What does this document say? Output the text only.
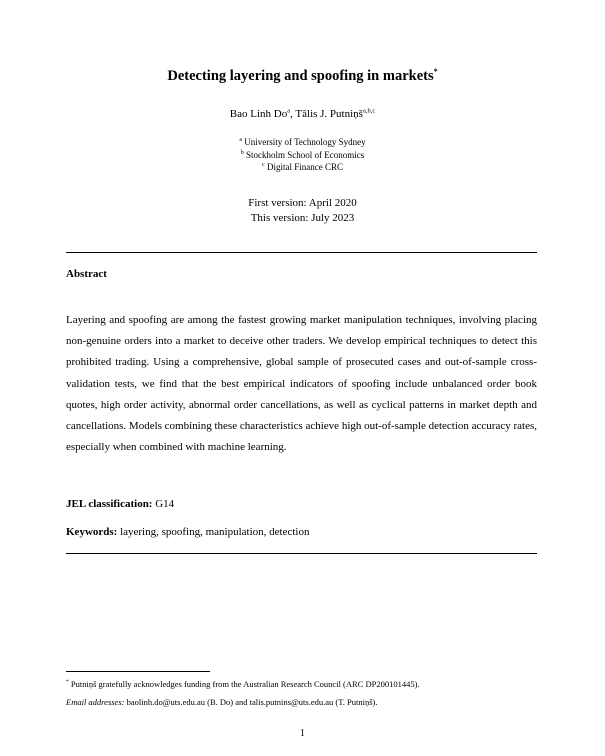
Detecting layering and spoofing in markets*
Bao Linh Do$^a$, Tālis J. Putniņš$^{a,b,c}$
$^a$ University of Technology Sydney
$^b$ Stockholm School of Economics
$^c$ Digital Finance CRC
First version: April 2020
This version: July 2023
Abstract
Layering and spoofing are among the fastest growing market manipulation techniques, involving placing non-genuine orders into a market to deceive other traders. We develop empirical techniques to detect this prohibited trading. Using a comprehensive, global sample of prosecuted cases and out-of-sample cross-validation tests, we find that the best empirical indicators of spoofing include unbalanced order book quotes, high order activity, abnormal order cancellations, as well as cyclical patterns in market depth and cancellations. Models combining these characteristics achieve high out-of-sample detection accuracy rates, especially when combined with machine learning.
JEL classification: G14
Keywords: layering, spoofing, manipulation, detection
* Putniņš gratefully acknowledges funding from the Australian Research Council (ARC DP200101445).
Email addresses: baolinh.do@uts.edu.au (B. Do) and talis.putnins@uts.edu.au (T. Putniņš).
1
